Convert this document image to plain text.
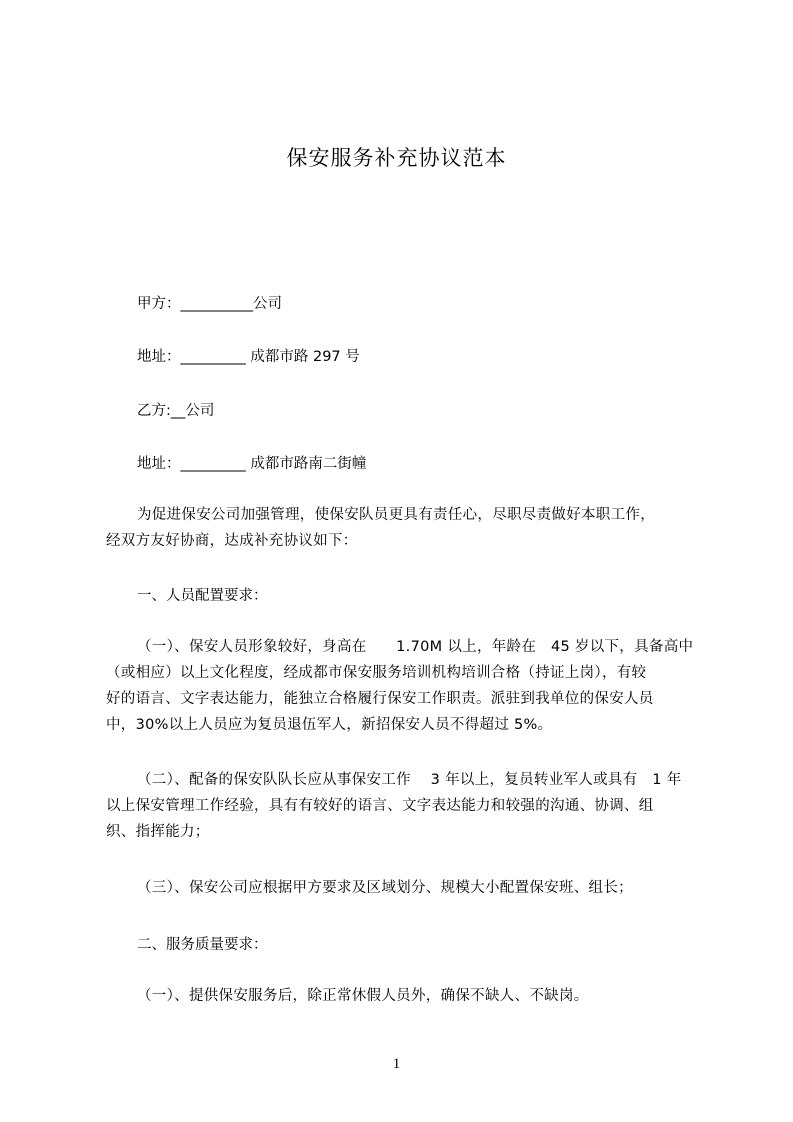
保安服务补充协议范本
甲方：__________公司
地址：_________ 成都市路 297 号
乙方:__公司
地址：_________ 成都市路南二街幢
为促进保安公司加强管理，使保安队员更具有责任心，尽职尽责做好本职工作，
经双方友好协商，达成补充协议如下：
一、人员配置要求：
（一）、保安人员形象较好，身高在　　1.70M 以上，年龄在　45 岁以下，具备高中
（或相应）以上文化程度，经成都市保安服务培训机构培训合格（持证上岗），有较
好的语言、文字表达能力，能独立合格履行保安工作职责。派驻到我单位的保安人员
中，30%以上人员应为复员退伍军人，新招保安人员不得超过 5%。
（二）、配备的保安队队长应从事保安工作　 3 年以上，复员转业军人或具有　1 年
以上保安管理工作经验，具有有较好的语言、文字表达能力和较强的沟通、协调、组
织、指挥能力；
（三）、保安公司应根据甲方要求及区域划分、规模大小配置保安班、组长；
二、服务质量要求：
（一）、提供保安服务后，除正常休假人员外，确保不缺人、不缺岗。
1
